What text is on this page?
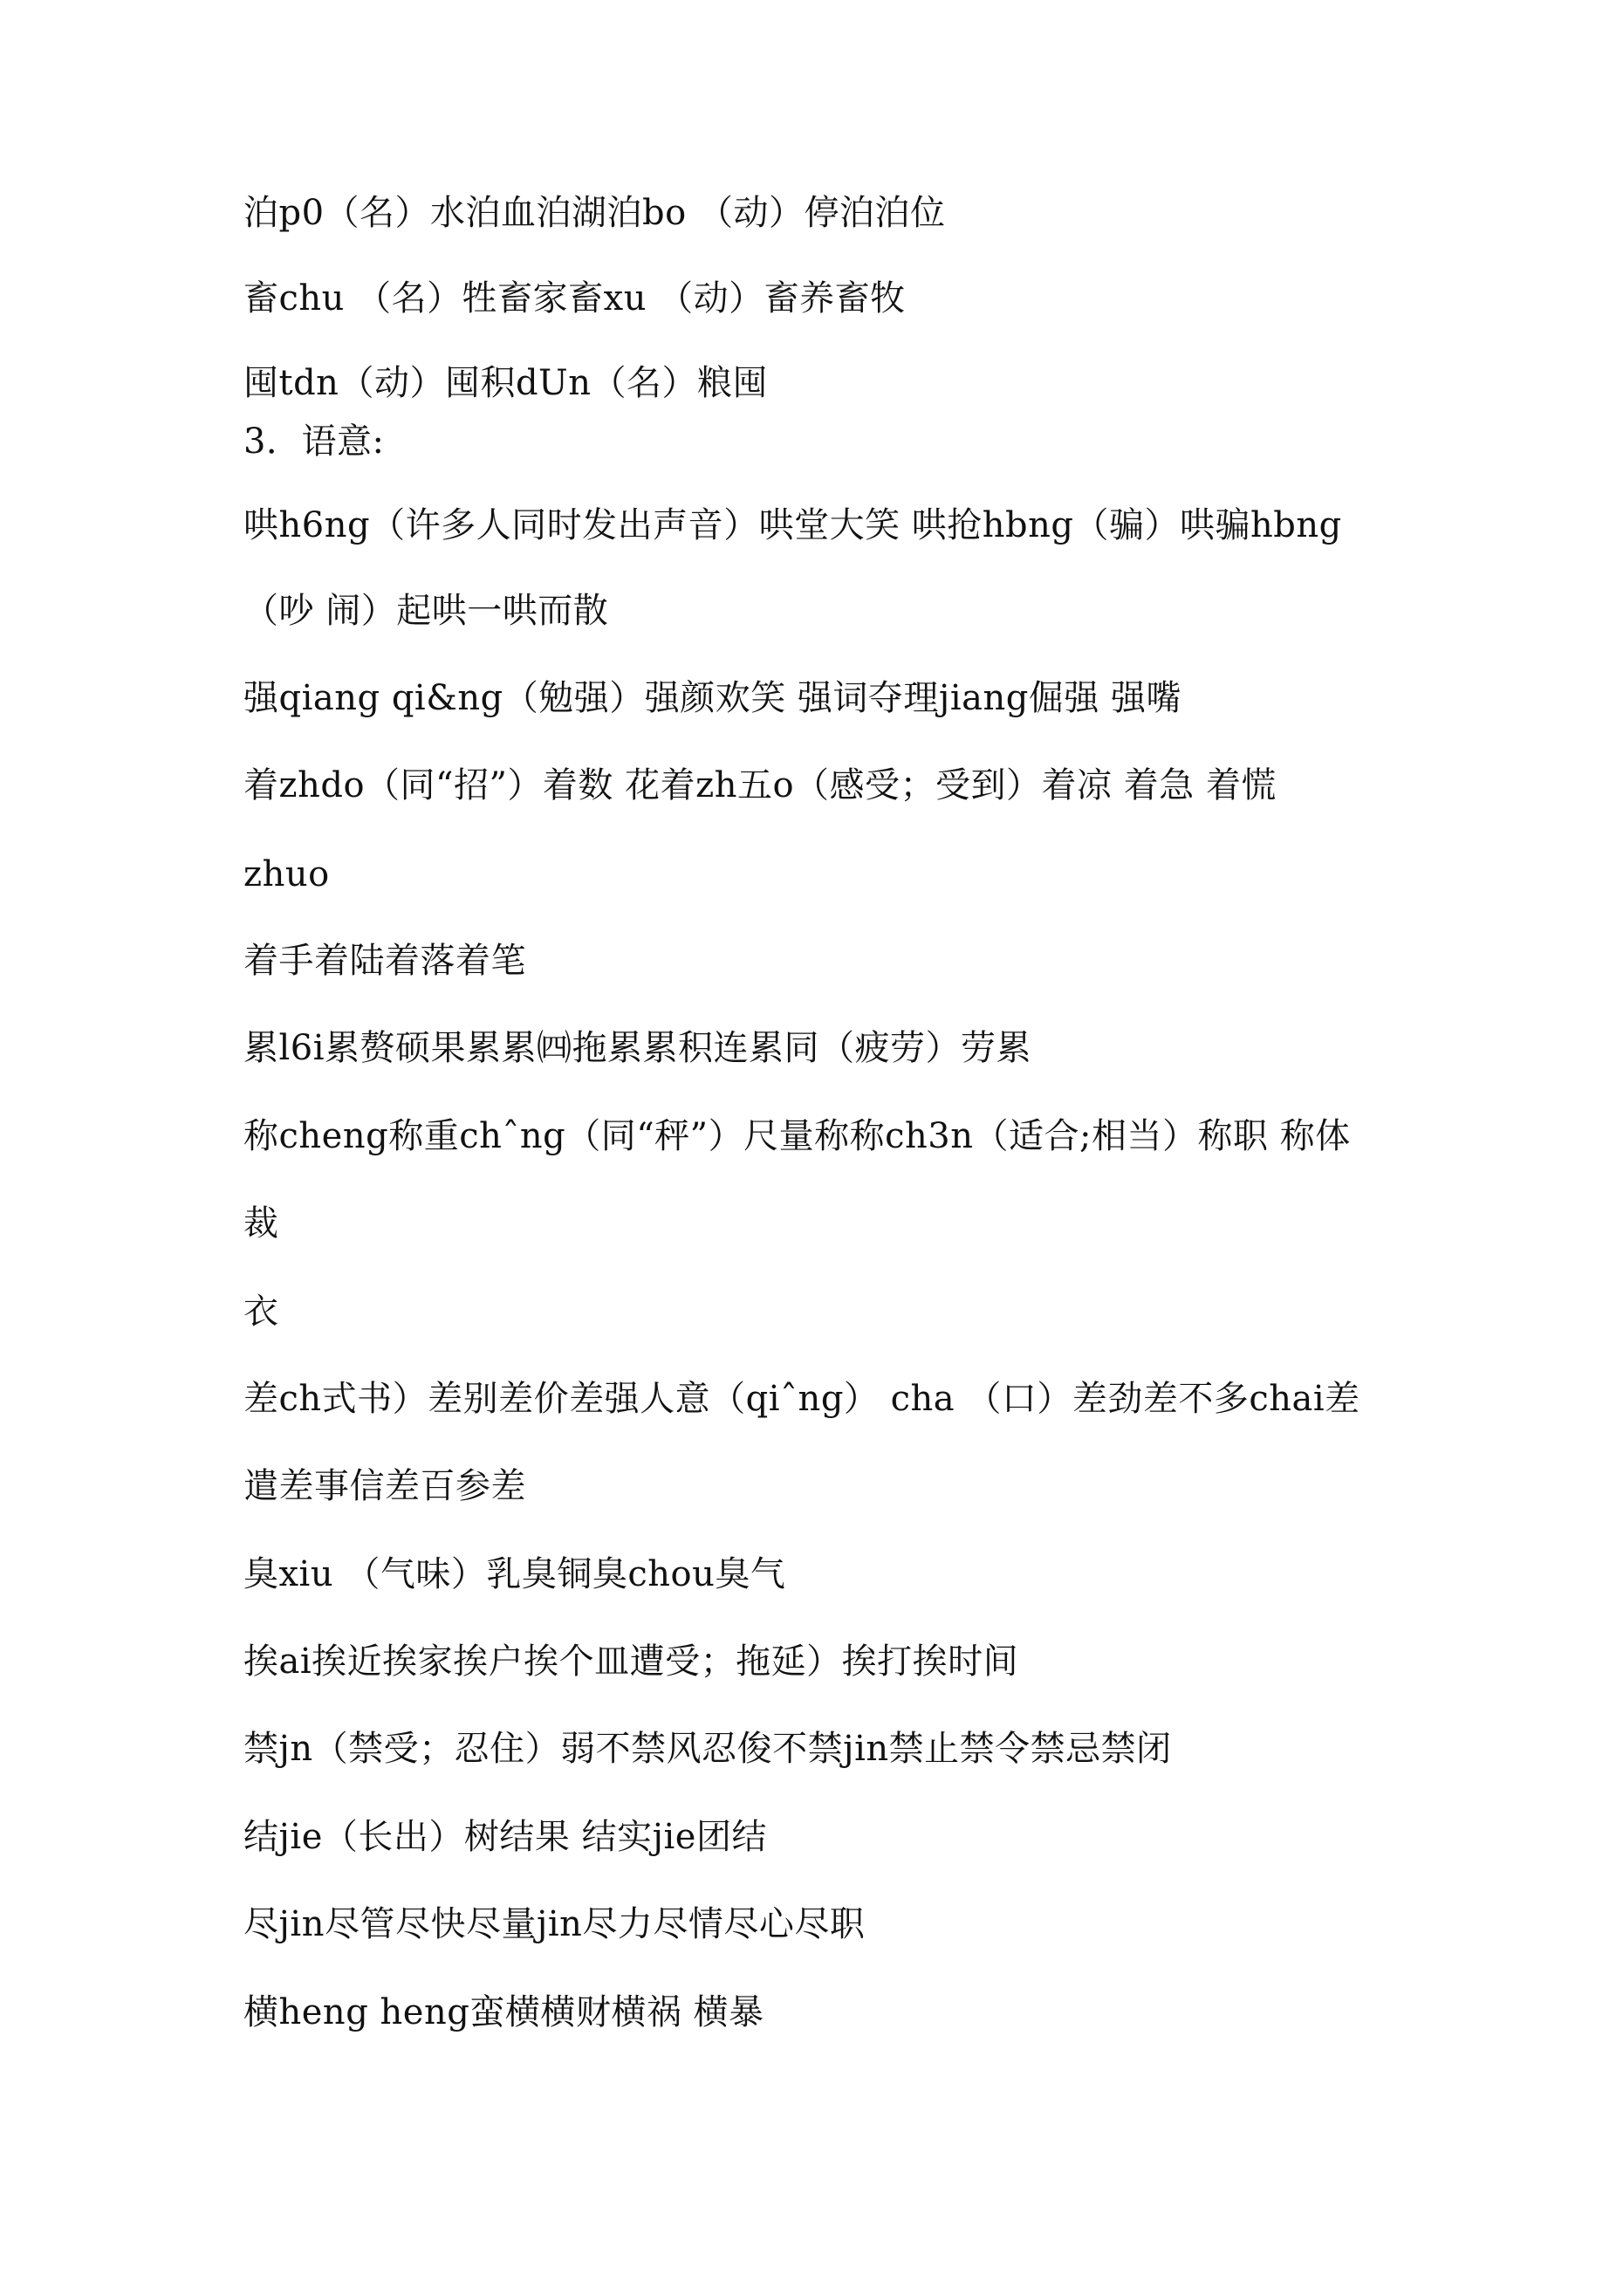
泊p0（名）水泊血泊湖泊bo （动）停泊泊位
畜chu （名）牲畜家畜xu （动）畜养畜牧
囤tdn（动）囤积dUn（名）粮囤
3．语意:
哄h6ng（许多人同时发出声音）哄堂大笑 哄抢hbng（骗）哄骗hbng
（吵 闹）起哄一哄而散
强qiang qi&ng（勉强）强颜欢笑 强词夺理jiang倔强 强嘴
着zhdo（同“招”）着数 花着zh五o（感受；受到）着凉 着急 着慌
zhuo
着手着陆着落着笔
累l6i累赘硕果累累㈣拖累累积连累同（疲劳）劳累
称cheng称重chˆng（同“秤”）尺量称称ch3n（适合;相当）称职 称体
裁
衣
差ch式书）差别差价差强人意（qiˆng） cha （口）差劲差不多chai差
遣差事信差百参差
臭xiu （气味）乳臭铜臭chou臭气
挨ai挨近挨家挨户挨个皿遭受；拖延）挨打挨时间
禁jn（禁受；忍住）弱不禁风忍俊不禁jin禁止禁令禁忌禁闭
结jie（长出）树结果 结实jie团结
尽jin尽管尽快尽量jin尽力尽情尽心尽职
横heng heng蛮横横财横祸 横暴
